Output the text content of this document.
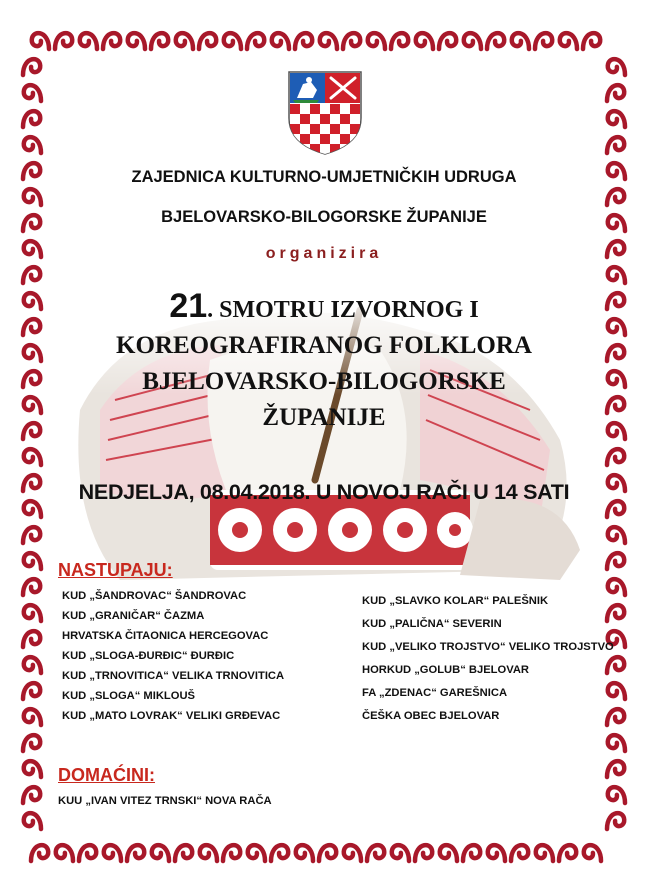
ZAJEDNICA KULTURNO-UMJETNIČKIH UDRUGA
BJELOVARSKO-BILOGORSKE ŽUPANIJE
organizira
21. SMOTRU IZVORNOG I
KOREOGRAFIRANOG FOLKLORA
BJELOVARSKO-BILOGORSKE
ŽUPANIJE
NEDJELJA, 08.04.2018. U NOVOJ RAČI U 14 SATI
NASTUPAJU:
KUD „ŠANDROVAC“ ŠANDROVAC
KUD „GRANIČAR“ ČAZMA
HRVATSKA ČITAONICA HERCEGOVAC
KUD „SLOGA-ĐURĐIC“ ĐURĐIC
KUD „TRNOVITICA“ VELIKA TRNOVITICA
KUD „SLOGA“ MIKLOUŠ
KUD „MATO LOVRAK“ VELIKI GRĐEVAC
KUD „SLAVKO KOLAR“ PALEŠNIK
KUD „PALIČNA“ SEVERIN
KUD „VELIKO TROJSTVO“ VELIKO TROJSTVO
HORKUD „GOLUB“ BJELOVAR
FA „ZDENAC“ GAREŠNICA
ČEŠKA OBEC BJELOVAR
DOMAĆINI:
KUU „IVAN VITEZ TRNSKI“ NOVA RAČA
